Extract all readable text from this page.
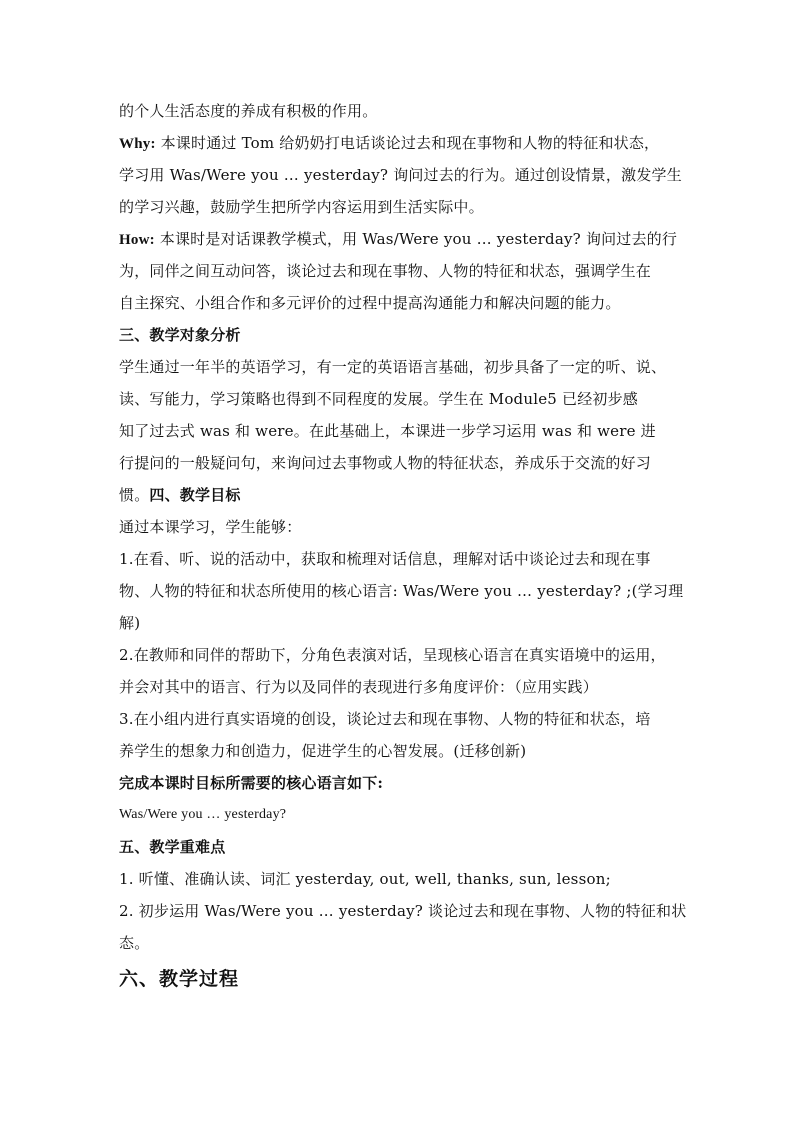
的个人生活态度的养成有积极的作用。
Why: 本课时通过 Tom 给奶奶打电话谈论过去和现在事物和人物的特征和状态，
学习用 Was/Were you … yesterday? 询问过去的行为。通过创设情景，激发学生
的学习兴趣，鼓励学生把所学内容运用到生活实际中。
How: 本课时是对话课教学模式，用 Was/Were you … yesterday? 询问过去的行
为，同伴之间互动问答，谈论过去和现在事物、人物的特征和状态，强调学生在
自主探究、小组合作和多元评价的过程中提高沟通能力和解决问题的能力。
三、教学对象分析
学生通过一年半的英语学习，有一定的英语语言基础，初步具备了一定的听、说、
读、写能力，学习策略也得到不同程度的发展。学生在 Module5 已经初步感
知了过去式 was 和 were。在此基础上，本课进一步学习运用 was 和 were 进
行提问的一般疑问句，来询问过去事物或人物的特征状态，养成乐于交流的好习
惯。四、教学目标
通过本课学习，学生能够：
1.在看、听、说的活动中，获取和梳理对话信息，理解对话中谈论过去和现在事
物、人物的特征和状态所使用的核心语言: Was/Were you … yesterday? ;(学习理
解)
2.在教师和同伴的帮助下，分角色表演对话，呈现核心语言在真实语境中的运用，
并会对其中的语言、行为以及同伴的表现进行多角度评价：（应用实践）
3.在小组内进行真实语境的创设，谈论过去和现在事物、人物的特征和状态，培
养学生的想象力和创造力，促进学生的心智发展。(迁移创新)
完成本课时目标所需要的核心语言如下:
Was/Were you … yesterday?
五、教学重难点
1. 听懂、准确认读、词汇 yesterday, out, well, thanks, sun, lesson;
2. 初步运用 Was/Were you … yesterday? 谈论过去和现在事物、人物的特征和状
态。
六、教学过程
